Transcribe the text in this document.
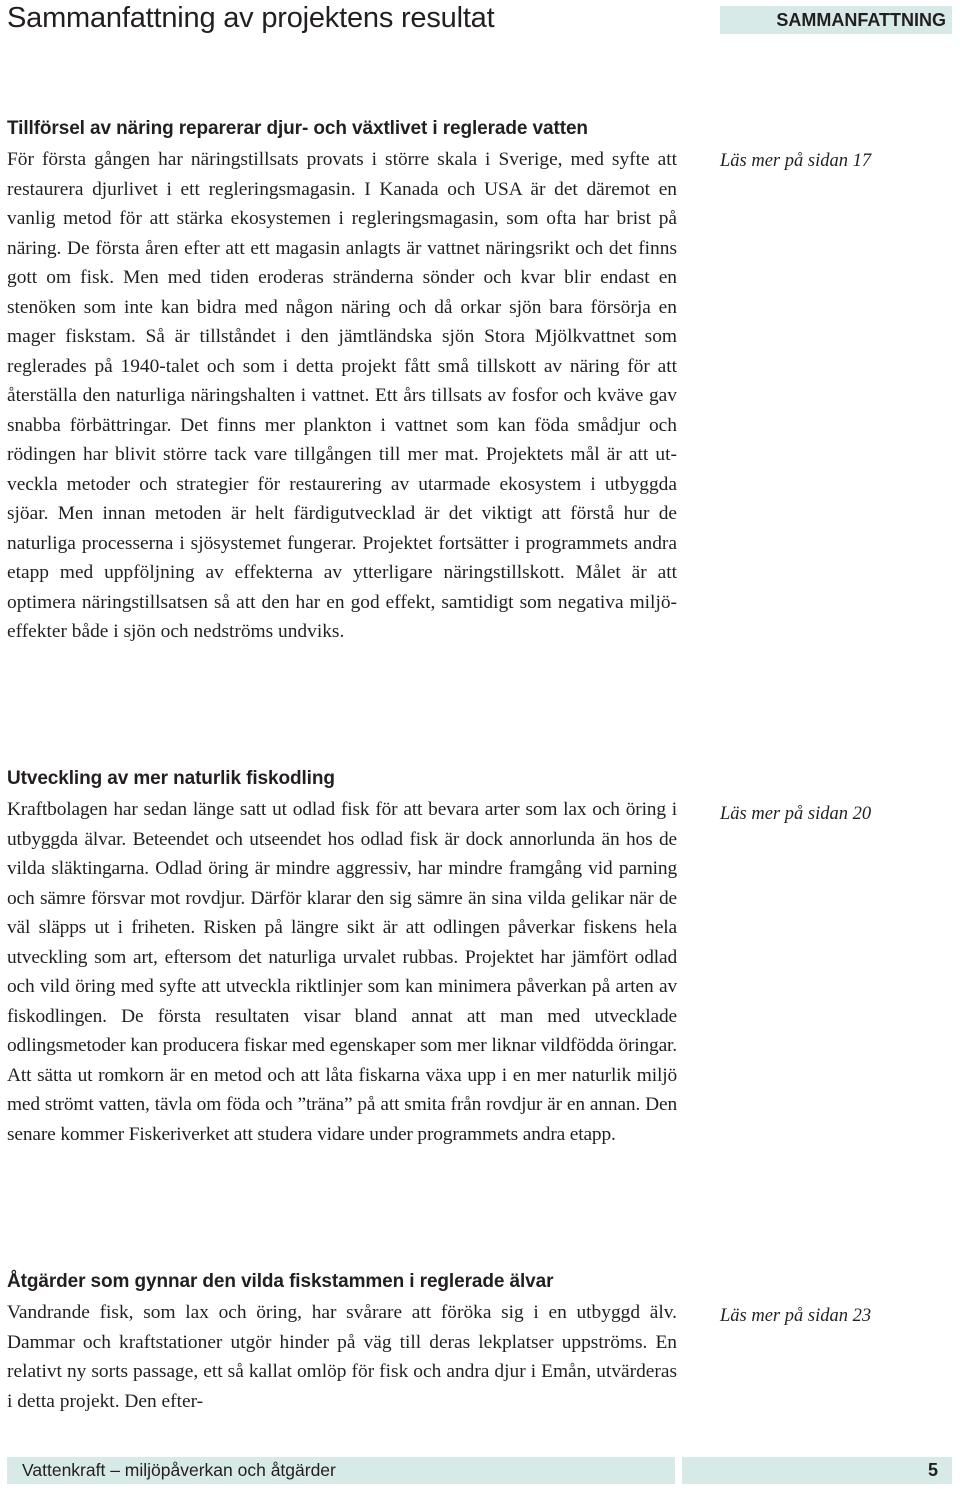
Sammanfattning av projektens resultat	SAMMANFATTNING
Tillförsel av näring reparerar djur- och växtlivet i reglerade vatten

För första gången har näringstillsats provats i större skala i Sverige, med syfte att restaurera djurlivet i ett regleringsmagasin. I Kanada och USA är det däremot en vanlig metod för att stärka ekosystemen i regleringsmagasin, som ofta har brist på näring. De första åren efter att ett magasin anlagts är vattnet näringsrikt och det finns gott om fisk. Men med tiden eroderas stränderna sönder och kvar blir endast en stenöken som inte kan bidra med någon näring och då orkar sjön bara försörja en mager fiskstam. Så är tillståndet i den jämtländska sjön Stora Mjölkvattnet som reglerades på 1940-talet och som i detta projekt fått små tillskott av näring för att återställa den naturliga näringshalten i vattnet. Ett års tillsats av fosfor och kväve gav snabba förbättringar. Det finns mer plankton i vattnet som kan föda smådjur och rödingen har blivit större tack vare tillgången till mer mat. Projektets mål är att utveckla metoder och strategier för restaurering av utarmade ekosystem i utbyggda sjöar. Men innan metoden är helt färdigutvecklad är det viktigt att förstå hur de naturliga processerna i sjösystemet fungerar. Projektet fortsätter i programmets andra etapp med uppföljning av effekterna av ytterligare näringstillskott. Målet är att optimera näringstillsatsen så att den har en god effekt, samtidigt som negativa miljöeffekter både i sjön och nedströms undviks.

Läs mer på sidan 17
Utveckling av mer naturlik fiskodling

Kraftbolagen har sedan länge satt ut odlad fisk för att bevara arter som lax och öring i utbyggda älvar. Beteendet och utseendet hos odlad fisk är dock annorlunda än hos de vilda släktingarna. Odlad öring är mindre aggressiv, har mindre framgång vid parning och sämre försvar mot rovdjur. Därför klarar den sig sämre än sina vilda gelikar när de väl släpps ut i friheten. Risken på längre sikt är att odlingen påverkar fiskens hela utveckling som art, eftersom det naturliga urvalet rubbas. Projektet har jämfört odlad och vild öring med syfte att utveckla riktlinjer som kan minimera påverkan på arten av fiskodlingen. De första resultaten visar bland annat att man med utvecklade odlingsmetoder kan producera fiskar med egenskaper som mer liknar vildfödda öringar. Att sätta ut romkorn är en metod och att låta fiskarna växa upp i en mer naturlik miljö med strömt vatten, tävla om föda och ”träna” på att smita från rovdjur är en annan. Den senare kommer Fiskeriverket att studera vidare under programmets andra etapp.

Läs mer på sidan 20
Åtgärder som gynnar den vilda fiskstammen i reglerade älvar

Vandrande fisk, som lax och öring, har svårare att föröka sig i en utbyggd älv. Dammar och kraftstationer utgör hinder på väg till deras lekplatser uppströms. En relativt ny sorts passage, ett så kallat omlöp för fisk och andra djur i Emån, utvärderas i detta projekt. Den efter-

Läs mer på sidan 23
Vattenkraft – miljöpåverkan och åtgärder	5
